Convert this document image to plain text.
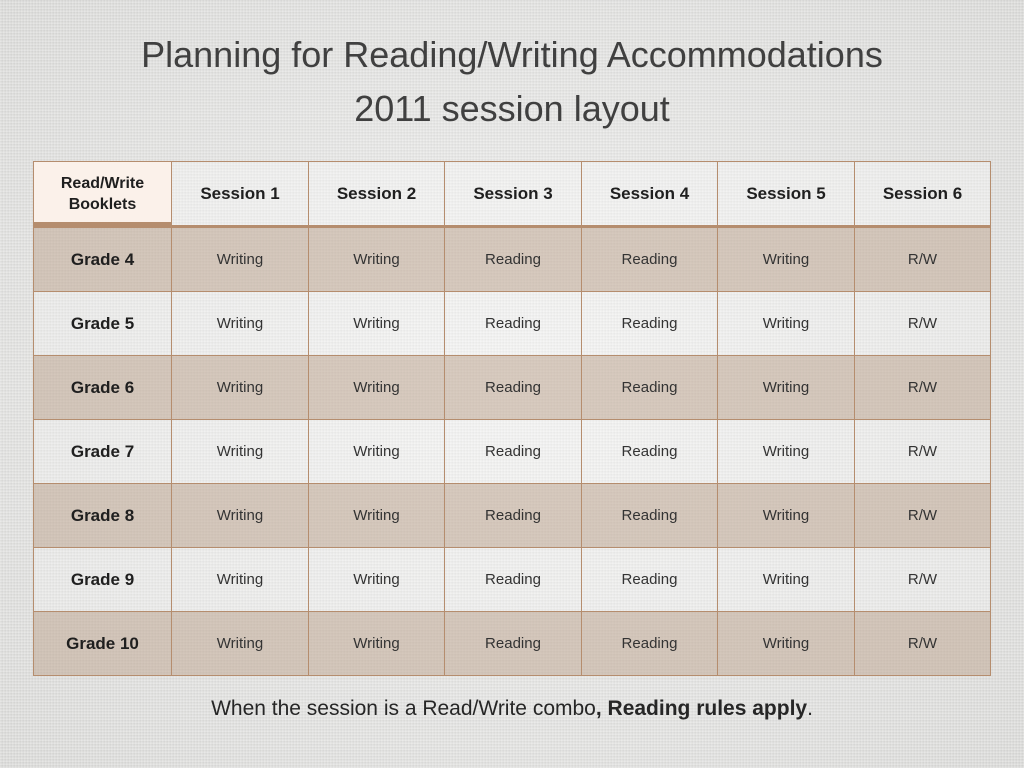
Planning for Reading/Writing Accommodations
2011 session layout
Read/Write
Booklets	Session 1	Session 2	Session 3	Session 4	Session 5	Session 6
Grade 4	Writing	Writing	Reading	Reading	Writing	R/W
Grade 5	Writing	Writing	Reading	Reading	Writing	R/W
Grade 6	Writing	Writing	Reading	Reading	Writing	R/W
Grade 7	Writing	Writing	Reading	Reading	Writing	R/W
Grade 8	Writing	Writing	Reading	Reading	Writing	R/W
Grade 9	Writing	Writing	Reading	Reading	Writing	R/W
Grade 10	Writing	Writing	Reading	Reading	Writing	R/W
When the session is a Read/Write combo, Reading rules apply.
